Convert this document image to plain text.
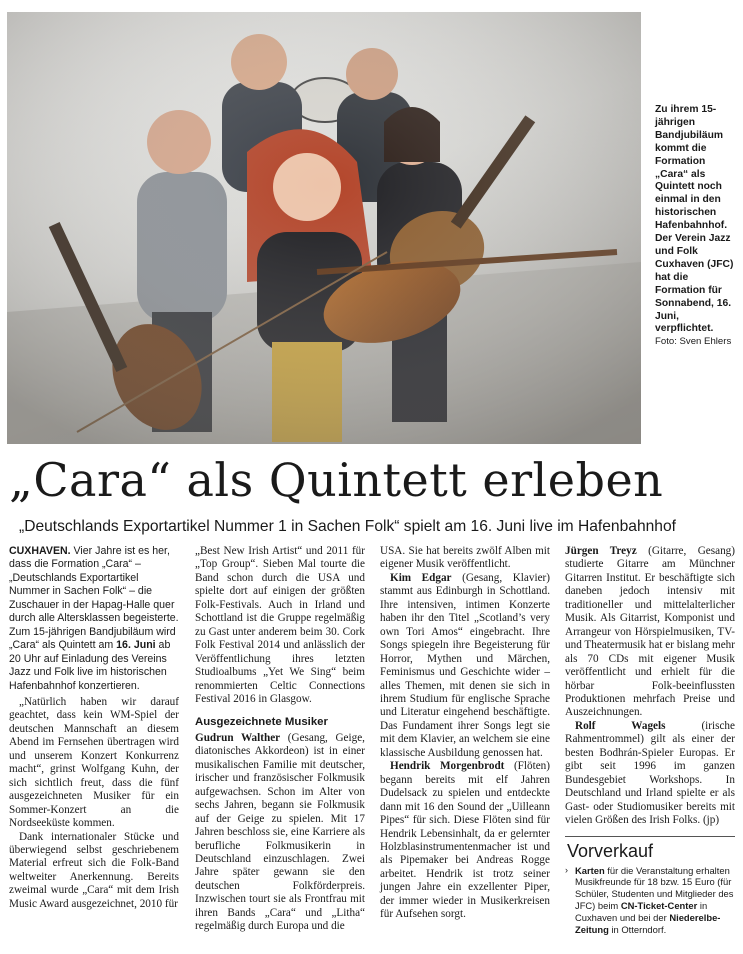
Zu ihrem 15-jährigen Bandjubiläum kommt die Formation „Cara“ als Quintett noch einmal in den historischen Hafenbahnhof. Der Verein Jazz und Folk Cuxhaven (JFC) hat die Formation für Sonnabend, 16. Juni, verpflichtet.
Foto: Sven Ehlers
„Cara“ als Quintett erleben
„Deutschlands Exportartikel Nummer 1 in Sachen Folk“ spielt am 16. Juni live im Hafenbahnhof

CUXHAVEN. Vier Jahre ist es her, dass die Formation „Cara“ – „Deutschlands Exportartikel Nummer in Sachen Folk“ – die Zuschauer in der Hapag-Halle quer durch alle Altersklassen begeisterte. Zum 15-jährigen Bandjubiläum wird „Cara“ als Quintett am 16. Juni ab 20 Uhr auf Einladung des Vereins Jazz und Folk live im historischen Hafenbahnhof konzertieren.

„Natürlich haben wir darauf geachtet, dass kein WM-Spiel der deutschen Mannschaft an diesem Abend im Fernsehen übertragen wird und unserem Konzert Konkurrenz macht“, grinst Wolfgang Kuhn, der sich sichtlich freut, dass die fünf ausgezeichneten Musiker für ein Sommer-Konzert an die Nordseeküste kommen.

Dank internationaler Stücke und überwiegend selbst geschriebenem Material erfreut sich die Folk-Band weltweiter Anerkennung. Bereits zweimal wurde „Cara“ mit dem Irish Music Award ausgezeichnet, 2010 für

„Best New Irish Artist“ und 2011 für „Top Group“. Sieben Mal tourte die Band schon durch die USA und spielte dort auf einigen der größten Folk-Festivals. Auch in Irland und Schottland ist die Gruppe regelmäßig zu Gast unter anderem beim 30. Cork Folk Festival 2014 und anlässlich der Veröffentlichung ihres letzten Studioalbums „Yet We Sing“ beim renommierten Celtic Connections Festival 2016 in Glasgow.

Ausgezeichnete Musiker

Gudrun Walther (Gesang, Geige, diatonisches Akkordeon) ist in einer musikalischen Familie mit deutscher, irischer und französischer Folkmusik aufgewachsen. Schon im Alter von sechs Jahren, begann sie Folkmusik auf der Geige zu spielen. Mit 17 Jahren beschloss sie, eine Karriere als berufliche Folkmusikerin in Deutschland einzuschlagen. Zwei Jahre später gewann sie den deutschen Folkförderpreis. Inzwischen tourt sie als Frontfrau mit ihren Bands „Cara“ und „Litha“ regelmäßig durch Europa und die

USA. Sie hat bereits zwölf Alben mit eigener Musik veröffentlicht.

Kim Edgar (Gesang, Klavier) stammt aus Edinburgh in Schottland. Ihre intensiven, intimen Konzerte haben ihr den Titel „Scotland’s very own Tori Amos“ eingebracht. Ihre Songs spiegeln ihre Begeisterung für Horror, Mythen und Märchen, Feminismus und Geschichte wider – alles Themen, mit denen sie sich in ihrem Studium für englische Sprache und Literatur eingehend beschäftigte. Das Fundament ihrer Songs legt sie mit dem Klavier, an welchem sie eine klassische Ausbildung genossen hat.

Hendrik Morgenbrodt (Flöten) begann bereits mit elf Jahren Dudelsack zu spielen und entdeckte dann mit 16 den Sound der „Uilleann Pipes“ für sich. Diese Flöten sind für Hendrik Lebensinhalt, da er gelernter Holzblasinstrumentenmacher ist und als Pipemaker bei Andreas Rogge arbeitet. Hendrik ist trotz seiner jungen Jahre ein exzellenter Piper, der immer wieder in Musikerkreisen für Aufsehen sorgt.

Jürgen Treyz (Gitarre, Gesang) studierte Gitarre am Münchner Gitarren Institut. Er beschäftigte sich daneben jedoch intensiv mit traditioneller und mittelalterlicher Musik. Als Gitarrist, Komponist und Arrangeur von Hörspielmusiken, TV- und Theatermusik hat er bislang mehr als 70 CDs mit eigener Musik veröffentlicht und erhielt für die hörbar Folk-beeinflussten Produktionen mehrfach Preise und Auszeichnungen.

Rolf Wagels (irische Rahmentrommel) gilt als einer der besten Bodhrán-Spieler Europas. Er gibt seit 1996 im ganzen Bundesgebiet Workshops. In Deutschland und Irland spielte er als Gast- oder Studiomusiker bereits mit vielen Größen des Irish Folks. (jp)

Vorverkauf
› Karten für die Veranstaltung erhalten Musikfreunde für 18 bzw. 15 Euro (für Schüler, Studenten und Mitglieder des JFC) beim CN-Ticket-Center in Cuxhaven und bei der Niederelbe-Zeitung in Otterndorf.
